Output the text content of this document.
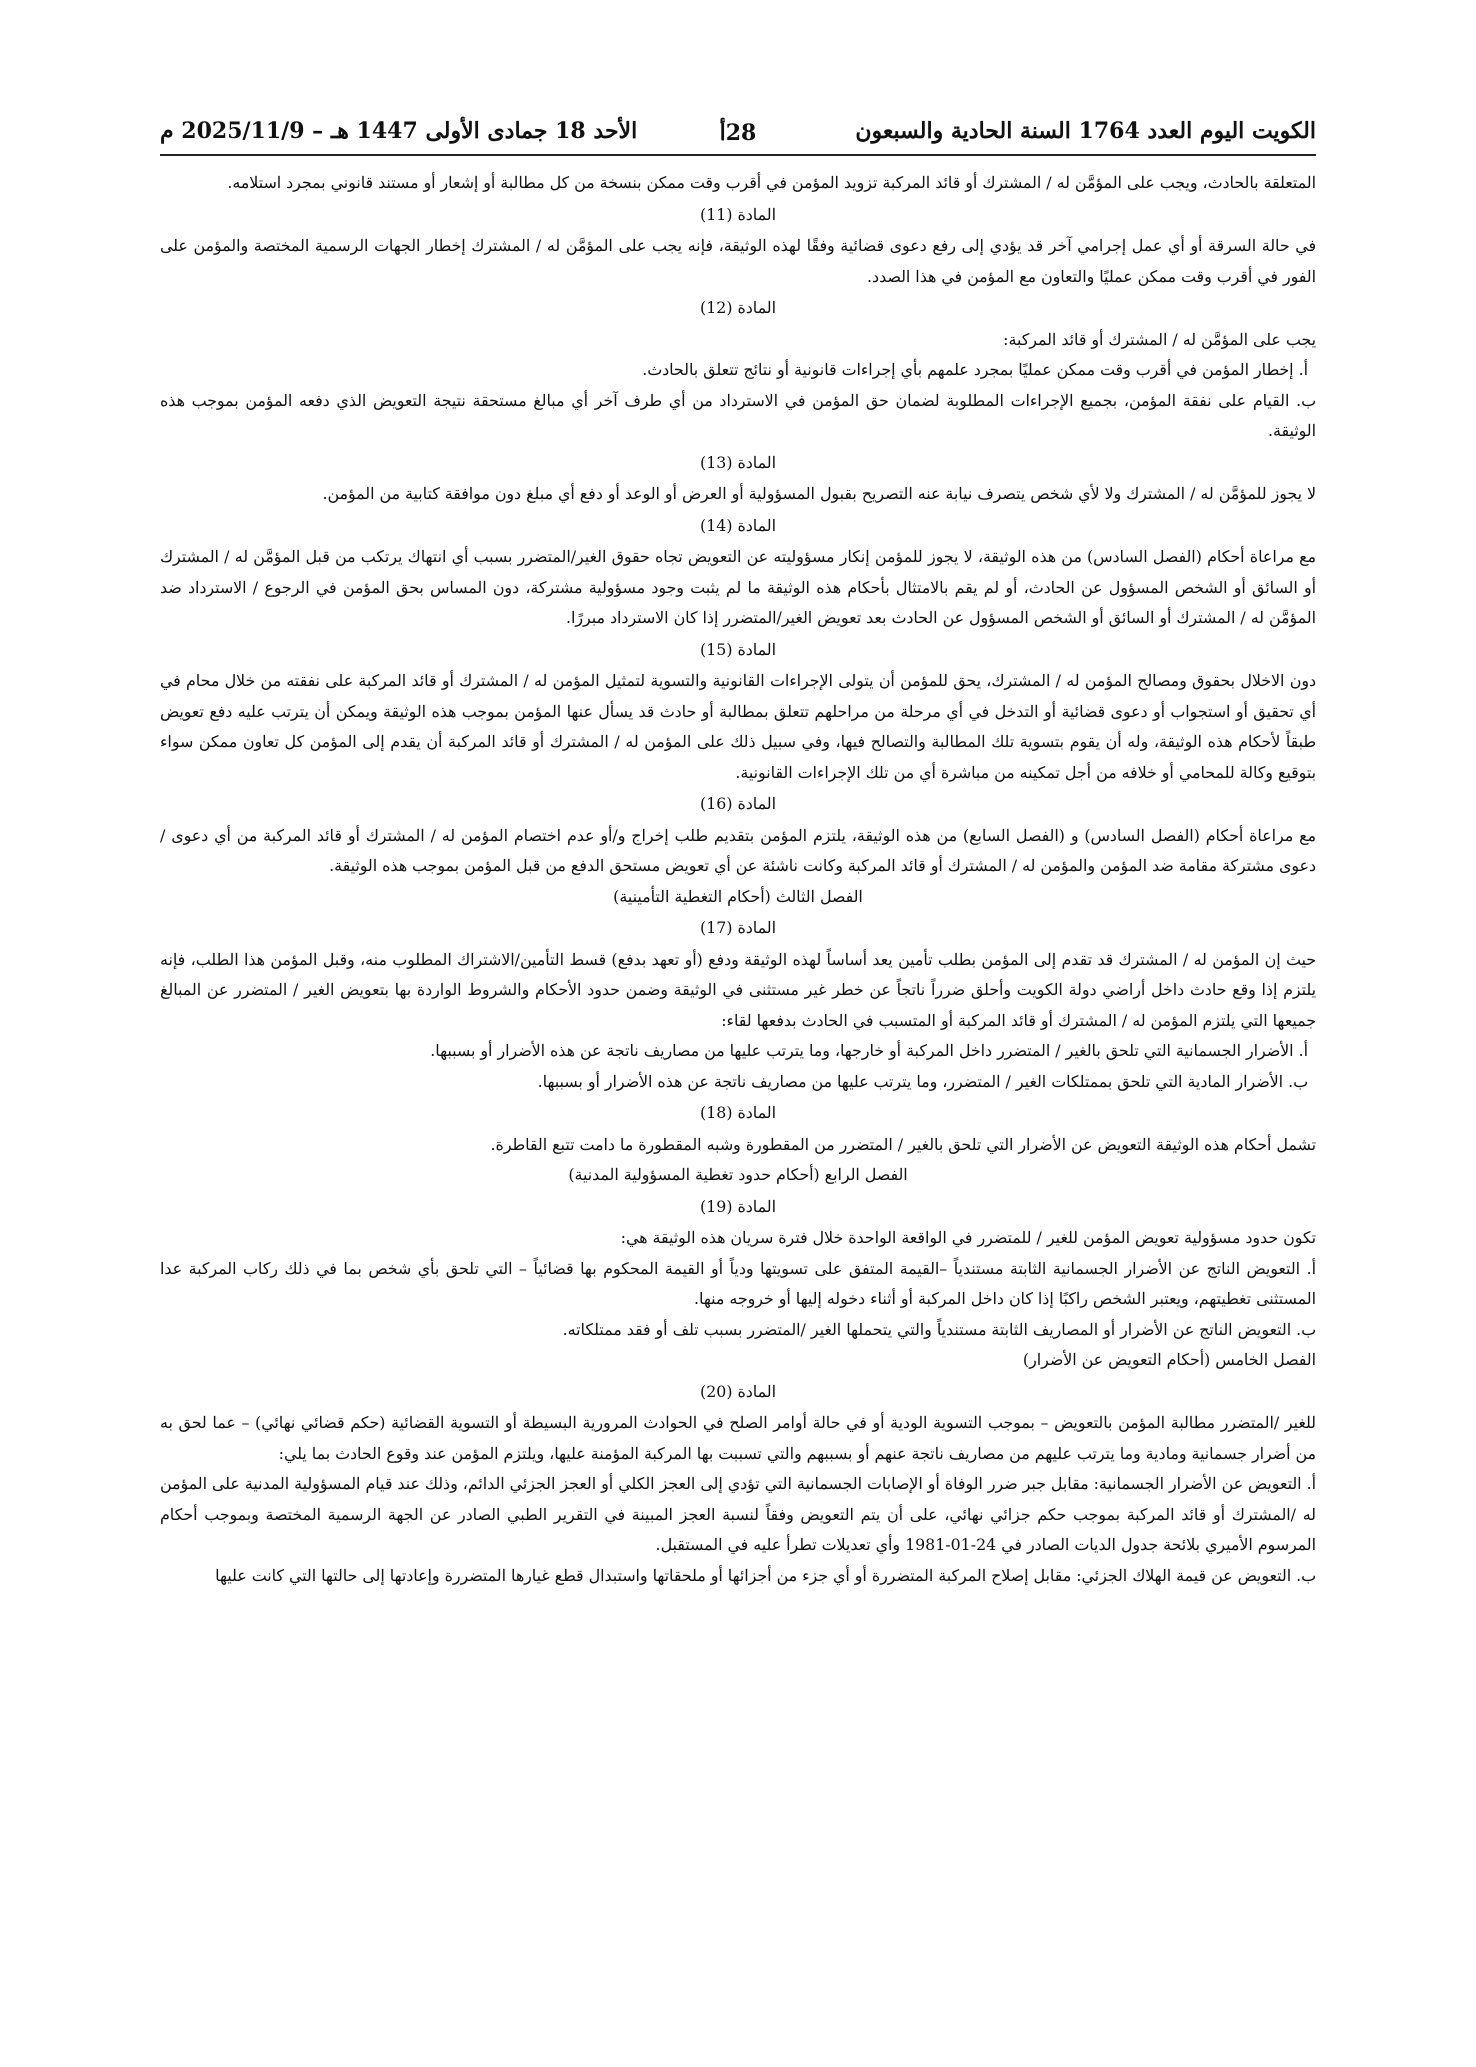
الكويت اليوم العدد 1764 السنة الحادية والسبعون
28أ
الأحد 18 جمادى الأولى 1447 هـ – 2025/11/9 م

المتعلقة بالحادث، ويجب على المؤمَّن له / المشترك أو قائد المركبة تزويد المؤمن في أقرب وقت ممكن بنسخة من كل مطالبة أو إشعار أو مستند قانوني بمجرد استلامه.

المادة (11)

في حالة السرقة أو أي عمل إجرامي آخر قد يؤدي إلى رفع دعوى قضائية وفقًا لهذه الوثيقة، فإنه يجب على المؤمَّن له / المشترك إخطار الجهات الرسمية المختصة والمؤمن على الفور في أقرب وقت ممكن عمليًا والتعاون مع المؤمن في هذا الصدد.

المادة (12)

يجب على المؤمَّن له / المشترك أو قائد المركبة:

أ. إخطار المؤمن في أقرب وقت ممكن عمليًا بمجرد علمهم بأي إجراءات قانونية أو نتائج تتعلق بالحادث.

ب. القيام على نفقة المؤمن، بجميع الإجراءات المطلوبة لضمان حق المؤمن في الاسترداد من أي طرف آخر أي مبالغ مستحقة نتيجة التعويض الذي دفعه المؤمن بموجب هذه الوثيقة.

المادة (13)

لا يجوز للمؤمَّن له / المشترك ولا لأي شخص يتصرف نيابة عنه التصريح بقبول المسؤولية أو العرض أو الوعد أو دفع أي مبلغ دون موافقة كتابية من المؤمن.

المادة (14)

مع مراعاة أحكام (الفصل السادس) من هذه الوثيقة، لا يجوز للمؤمن إنكار مسؤوليته عن التعويض تجاه حقوق الغير/المتضرر بسبب أي انتهاك يرتكب من قبل المؤمَّن له / المشترك أو السائق أو الشخص المسؤول عن الحادث، أو لم يقم بالامتثال بأحكام هذه الوثيقة ما لم يثبت وجود مسؤولية مشتركة، دون المساس بحق المؤمن في الرجوع / الاسترداد ضد المؤمَّن له / المشترك أو السائق أو الشخص المسؤول عن الحادث بعد تعويض الغير/المتضرر إذا كان الاسترداد مبررًا.

المادة (15)

دون الاخلال بحقوق ومصالح المؤمن له / المشترك، يحق للمؤمن أن يتولى الإجراءات القانونية والتسوية لتمثيل المؤمن له / المشترك أو قائد المركبة على نفقته من خلال محام في أي تحقيق أو استجواب أو دعوى قضائية أو التدخل في أي مرحلة من مراحلهم تتعلق بمطالبة أو حادث قد يسأل عنها المؤمن بموجب هذه الوثيقة ويمكن أن يترتب عليه دفع تعويض طبقاً لأحكام هذه الوثيقة، وله أن يقوم بتسوية تلك المطالبة والتصالح فيها، وفي سبيل ذلك على المؤمن له / المشترك أو قائد المركبة أن يقدم إلى المؤمن كل تعاون ممكن سواء بتوقيع وكالة للمحامي أو خلافه من أجل تمكينه من مباشرة أي من تلك الإجراءات القانونية.

المادة (16)

مع مراعاة أحكام (الفصل السادس) و (الفصل السابع) من هذه الوثيقة، يلتزم المؤمن بتقديم طلب إخراج و/أو عدم اختصام المؤمن له / المشترك أو قائد المركبة من أي دعوى / دعوى مشتركة مقامة ضد المؤمن والمؤمن له / المشترك أو قائد المركبة وكانت ناشئة عن أي تعويض مستحق الدفع من قبل المؤمن بموجب هذه الوثيقة.

الفصل الثالث (أحكام التغطية التأمينية)

المادة (17)

حيث إن المؤمن له / المشترك قد تقدم إلى المؤمن بطلب تأمين يعد أساساً لهذه الوثيقة ودفع (أو تعهد بدفع) قسط التأمين/الاشتراك المطلوب منه، وقبل المؤمن هذا الطلب، فإنه يلتزم إذا وقع حادث داخل أراضي دولة الكويت وأحلق ضرراً ناتجاً عن خطر غير مستثنى في الوثيقة وضمن حدود الأحكام والشروط الواردة بها بتعويض الغير / المتضرر عن المبالغ جميعها التي يلتزم المؤمن له / المشترك أو قائد المركبة أو المتسبب في الحادث بدفعها لقاء:

أ. الأضرار الجسمانية التي تلحق بالغير / المتضرر داخل المركبة أو خارجها، وما يترتب عليها من مصاريف ناتجة عن هذه الأضرار أو بسببها.

ب. الأضرار المادية التي تلحق بممتلكات الغير / المتضرر، وما يترتب عليها من مصاريف ناتجة عن هذه الأضرار أو بسببها.

المادة (18)

تشمل أحكام هذه الوثيقة التعويض عن الأضرار التي تلحق بالغير / المتضرر من المقطورة وشبه المقطورة ما دامت تتبع القاطرة.

الفصل الرابع (أحكام حدود تغطية المسؤولية المدنية)

المادة (19)

تكون حدود مسؤولية تعويض المؤمن للغير / للمتضرر في الواقعة الواحدة خلال فترة سريان هذه الوثيقة هي:

أ. التعويض الناتج عن الأضرار الجسمانية الثابتة مستندياً –القيمة المتفق على تسويتها ودياً أو القيمة المحكوم بها قضائياً – التي تلحق بأي شخص بما في ذلك ركاب المركبة عدا المستثنى تغطيتهم، ويعتبر الشخص راكبًا إذا كان داخل المركبة أو أثناء دخوله إليها أو خروجه منها.

ب. التعويض الناتج عن الأضرار أو المصاريف الثابتة مستندياً والتي يتحملها الغير /المتضرر بسبب تلف أو فقد ممتلكاته.

الفصل الخامس (أحكام التعويض عن الأضرار)

المادة (20)

للغير /المتضرر مطالبة المؤمن بالتعويض – بموجب التسوية الودية أو في حالة أوامر الصلح في الحوادث المرورية البسيطة أو التسوية القضائية (حكم قضائي نهائي) – عما لحق به من أضرار جسمانية ومادية وما يترتب عليهم من مصاريف ناتجة عنهم أو بسببهم والتي تسببت بها المركبة المؤمنة عليها، ويلتزم المؤمن عند وقوع الحادث بما يلي:

أ. التعويض عن الأضرار الجسمانية: مقابل جبر ضرر الوفاة أو الإصابات الجسمانية التي تؤدي إلى العجز الكلي أو العجز الجزئي الدائم، وذلك عند قيام المسؤولية المدنية على المؤمن له /المشترك أو قائد المركبة بموجب حكم جزائي نهائي، على أن يتم التعويض وفقاً لنسبة العجز المبينة في التقرير الطبي الصادر عن الجهة الرسمية المختصة وبموجب أحكام المرسوم الأميري بلائحة جدول الديات الصادر في 24-01-1981 وأي تعديلات تطرأ عليه في المستقبل.

ب. التعويض عن قيمة الهلاك الجزئي: مقابل إصلاح المركبة المتضررة أو أي جزء من أجزائها أو ملحقاتها واستبدال قطع غيارها المتضررة وإعادتها إلى حالتها التي كانت عليها
